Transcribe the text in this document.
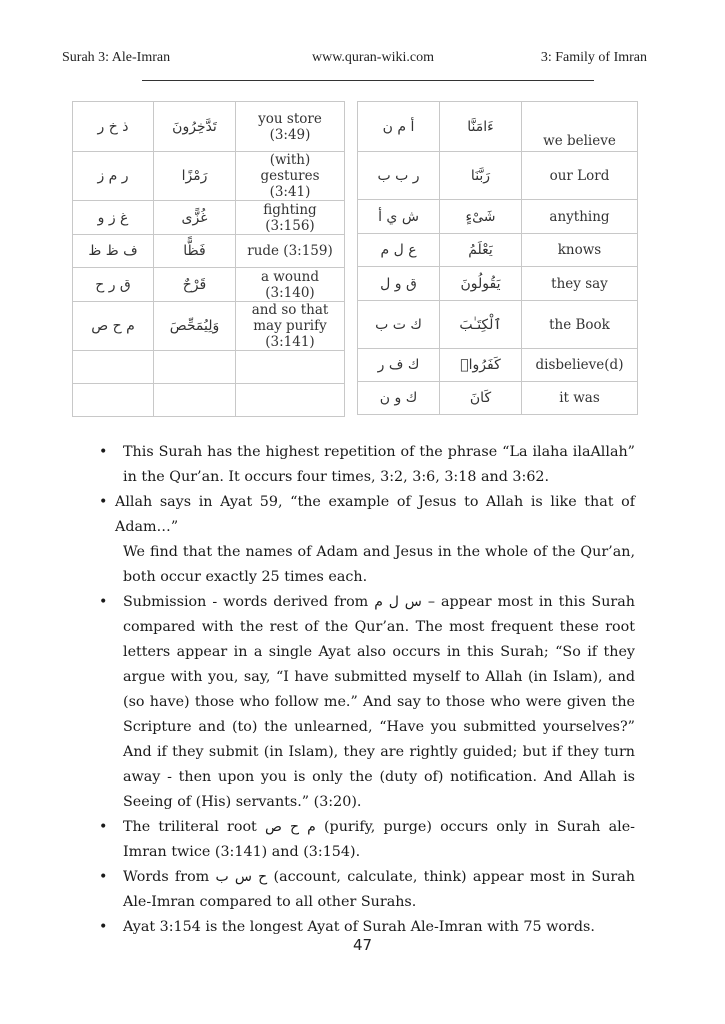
Surah 3: Ale-Imran	www.quran-wiki.com	3: Family of Imran
ذ خ ر	تَدَّخِرُونَ	you store (3:49)
ر م ز	رَمْزًا	(with) gestures (3:41)
غ ز و	غُزًّى	fighting (3:156)
ف ظ ظ	فَظًّا	rude (3:159)
ق ر ح	قَرْحٌ	a wound (3:140)
م ح ص	وَلِيُمَحِّصَ	and so that may purify (3:141)

أ م ن	ءَامَنَّا	we believe
ر ب ب	رَبَّنَا	our Lord
ش ي أ	شَىْءٍ	anything
ع ل م	يَعْلَمُ	knows
ق و ل	يَقُولُونَ	they say
ك ت ب	ٱلْكِتَـٰبَ	the Book
ك ف ر	كَفَرُوا۟	disbelieve(d)
ك و ن	كَانَ	it was
• This Surah has the highest repetition of the phrase “La ilaha ilaAllah” in the Qur’an. It occurs four times, 3:2, 3:6, 3:18 and 3:62.
• Allah says in Ayat 59, “the example of Jesus to Allah is like that of Adam…”
We find that the names of Adam and Jesus in the whole of the Qur’an, both occur exactly 25 times each.
• Submission - words derived from س ل م – appear most in this Surah compared with the rest of the Qur’an. The most frequent these root letters appear in a single Ayat also occurs in this Surah; “So if they argue with you, say, “I have submitted myself to Allah (in Islam), and (so have) those who follow me.” And say to those who were given the Scripture and (to) the unlearned, “Have you submitted yourselves?” And if they submit (in Islam), they are rightly guided; but if they turn away - then upon you is only the (duty of) notification. And Allah is Seeing of (His) servants.” (3:20).
• The triliteral root م ح ص (purify, purge) occurs only in Surah ale-Imran twice (3:141) and (3:154).
• Words from ح س ب (account, calculate, think) appear most in Surah Ale-Imran compared to all other Surahs.
• Ayat 3:154 is the longest Ayat of Surah Ale-Imran with 75 words.
47
